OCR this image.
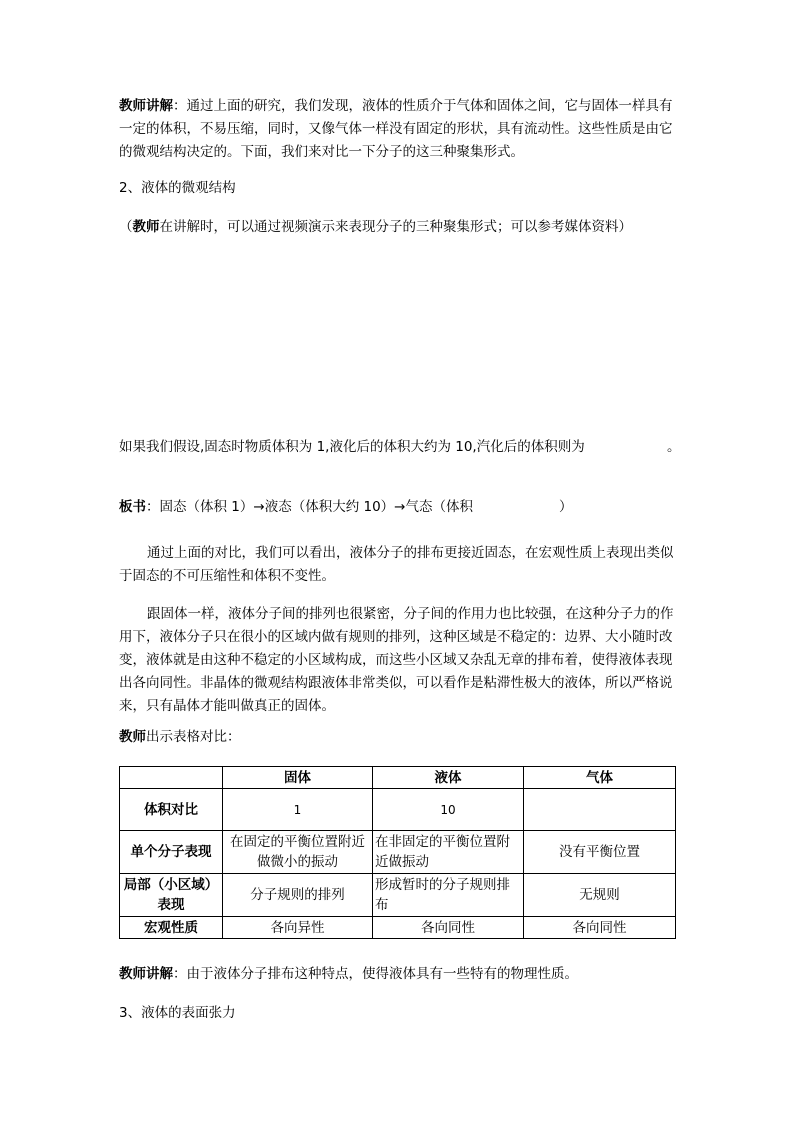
教师讲解：通过上面的研究，我们发现，液体的性质介于气体和固体之间，它与固体一样具有一定的体积，不易压缩，同时，又像气体一样没有固定的形状，具有流动性。这些性质是由它的微观结构决定的。下面，我们来对比一下分子的这三种聚集形式。
2、液体的微观结构
（教师在讲解时，可以通过视频演示来表现分子的三种聚集形式；可以参考媒体资料）
如果我们假设,固态时物质体积为 1,液化后的体积大约为 10,汽化后的体积则为	。
板书：固态（体积 1）→液态（体积大约 10）→气态（体积	）
通过上面的对比，我们可以看出，液体分子的排布更接近固态，在宏观性质上表现出类似于固态的不可压缩性和体积不变性。
跟固体一样，液体分子间的排列也很紧密，分子间的作用力也比较强，在这种分子力的作用下，液体分子只在很小的区域内做有规则的排列，这种区域是不稳定的：边界、大小随时改变，液体就是由这种不稳定的小区域构成，而这些小区域又杂乱无章的排布着，使得液体表现出各向同性。非晶体的微观结构跟液体非常类似，可以看作是粘滞性极大的液体，所以严格说来，只有晶体才能叫做真正的固体。
教师出示表格对比：
	固体	液体	气体
体积对比	1	10	
单个分子表现	在固定的平衡位置附近做微小的振动	在非固定的平衡位置附近做振动	没有平衡位置
局部（小区域）表现	分子规则的排列	形成暂时的分子规则排布	无规则
宏观性质	各向异性	各向同性	各向同性
教师讲解：由于液体分子排布这种特点，使得液体具有一些特有的物理性质。
3、液体的表面张力
